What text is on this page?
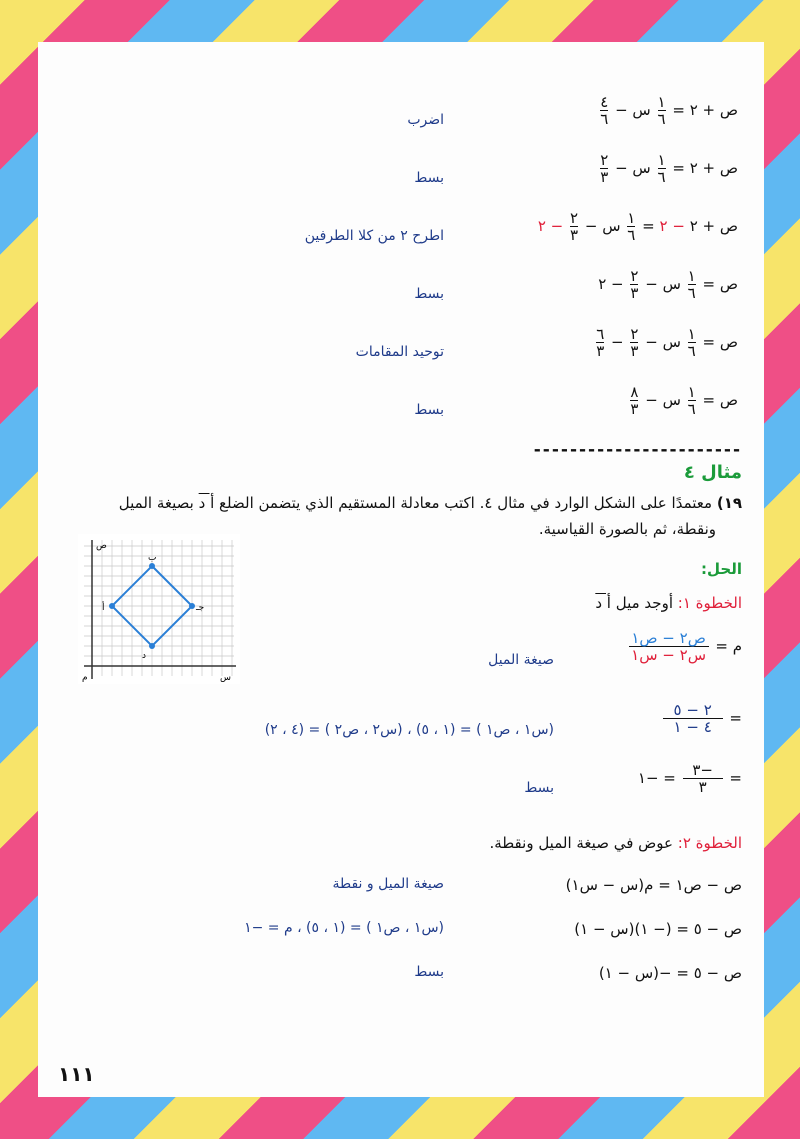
ص + ٢ =
$\frac{١}{٦}$
س −
$\frac{٤}{٦}$
اضرب
ص + ٢ =
$\frac{١}{٦}$
س −
$\frac{٢}{٣}$
بسط
ص + ٢ − ٢ =
$\frac{١}{٦}$
س −
$\frac{٢}{٣}$
− ٢
اطرح ٢ من كلا الطرفين
ص =
$\frac{١}{٦}$
س −
$\frac{٢}{٣}$
− ٢
بسط
ص =
$\frac{١}{٦}$
س −
$\frac{٢}{٣}$
−
$\frac{٦}{٣}$
توحيد المقامات
ص =
$\frac{١}{٦}$
س −
$\frac{٨}{٣}$
بسط
-----------------------
مثال ٤
١٩) معتمدًا على الشكل الوارد في مثال ٤. اكتب معادلة المستقيم الذي يتضمن الضلع أ د بصيغة الميل
ونقطة، ثم بالصورة القياسية.
ص
س
م
ب
جـ
د
أ
الحل:
الخطوة ١: أوجد ميل أ د
م =
$\frac{\text{ص٢ − ص١}}{\text{س٢ − س١}}$
صيغة الميل
=
$\frac{٢ - ٥}{٤ - ١}$
(س١ ، ص١ ) = (١ ، ٥) ، (س٢ ، ص٢ ) = (٤ ، ٢)
=
$\frac{-٣}{٣}$
= −١
بسط
الخطوة ٢: عوض في صيغة الميل ونقطة.
ص − ص١ = م(س − س١)
صيغة الميل و نقطة
ص − ٥ = (− ١)(س − ١)
(س١ ، ص١ ) = (١ ، ٥) ، م = −١
ص − ٥ = −(س − ١)
بسط
١١١
